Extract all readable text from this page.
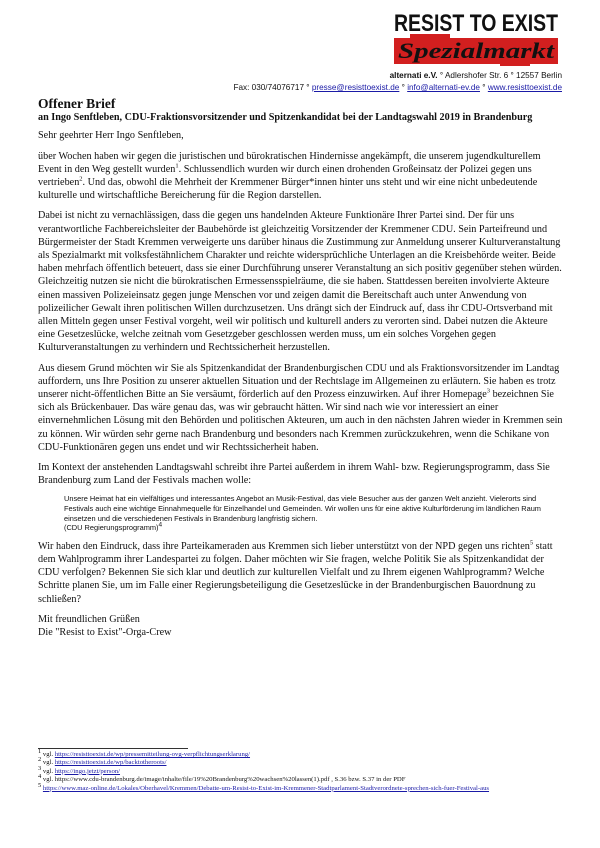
RESIST TO EXIST
Spezialmarkt
alternati e.V. ° Adlershofer Str. 6 ° 12557 Berlin
Fax: 030/74076717 ° presse@resisttoexist.de ° info@alternati-ev.de ° www.resisttoexist.de
Offener Brief
an Ingo Senftleben, CDU-Fraktionsvorsitzender und Spitzenkandidat bei der Landtagswahl 2019 in Brandenburg

Sehr geehrter Herr Ingo Senftleben,

über Wochen haben wir gegen die juristischen und bürokratischen Hindernisse angekämpft, die unserem jugendkulturellem Event in den Weg gestellt wurden$^1$. Schlussendlich wurden wir durch einen drohenden Großeinsatz der Polizei gegen uns vertrieben$^2$. Und das, obwohl die Mehrheit der Kremmener Bürger*innen hinter uns steht und wir eine nicht unbedeutende kulturelle und wirtschaftliche Bereicherung für die Region darstellen.

Dabei ist nicht zu vernachlässigen, dass die gegen uns handelnden Akteure Funktionäre Ihrer Partei sind. Der für uns verantwortliche Fachbereichsleiter der Baubehörde ist gleichzeitig Vorsitzender der Kremmener CDU. Sein Parteifreund und Bürgermeister der Stadt Kremmen verweigerte uns darüber hinaus die Zustimmung zur Anmeldung unserer Kulturveranstaltung als Spezialmarkt mit volksfestähnlichem Charakter und reichte widersprüchliche Unterlagen an die Kreisbehörde weiter. Beide haben mehrfach öffentlich beteuert, dass sie einer Durchführung unserer Veranstaltung an sich positiv gegenüber stehen würden. Gleichzeitig nutzen sie nicht die bürokratischen Ermessensspielräume, die sie haben. Stattdessen bereiten involvierte Akteure einen massiven Polizeieinsatz gegen junge Menschen vor und zeigen damit die Bereitschaft auch unter Anwendung von polizeilicher Gewalt ihren politischen Willen durchzusetzen. Uns drängt sich der Eindruck auf, dass ihr CDU-Ortsverband mit allen Mitteln gegen unser Festival vorgeht, weil wir politisch und kulturell anders zu verorten sind. Dabei nutzen die Akteure eine Gesetzeslücke, welche zeitnah vom Gesetzgeber geschlossen werden muss, um ein solches Vorgehen gegen Kulturveranstaltungen zu verhindern und Rechtssicherheit herzustellen.

Aus diesem Grund möchten wir Sie als Spitzenkandidat der Brandenburgischen CDU und als Fraktionsvorsitzender im Landtag auffordern, uns Ihre Position zu unserer aktuellen Situation und der Rechtslage im Allgemeinen zu erläutern. Sie haben es trotz unserer nicht-öffentlichen Bitte an Sie versäumt, förderlich auf den Prozess einzuwirken. Auf ihrer Homepage$^3$ bezeichnen Sie sich als Brückenbauer. Das wäre genau das, was wir gebraucht hätten. Wir sind nach wie vor interessiert an einer einvernehmlichen Lösung mit den Behörden und politischen Akteuren, um auch in den nächsten Jahren wieder in Kremmen sein zu können. Wir würden sehr gerne nach Brandenburg und besonders nach Kremmen zurückzukehren, wenn die Schikane von CDU-Funktionären gegen uns endet und wir Rechtssicherheit haben.

Im Kontext der anstehenden Landtagswahl schreibt ihre Partei außerdem in ihrem Wahl- bzw. Regierungsprogramm, dass Sie Brandenburg zum Land der Festivals machen wolle:

Unsere Heimat hat ein vielfältiges und interessantes Angebot an Musik-Festival, das viele Besucher aus der ganzen Welt anzieht. Vielerorts sind Festivals auch eine wichtige Einnahmequelle für Einzelhandel und Gemeinden. Wir wollen uns für eine aktive Kulturförderung im ländlichen Raum einsetzen und die verschiedenen Festivals in Brandenburg langfristig sichern.
(CDU Regierungsprogramm)$^4$

Wir haben den Eindruck, dass ihre Parteikameraden aus Kremmen sich lieber unterstützt von der NPD gegen uns richten$^5$ statt dem Wahlprogramm ihrer Landespartei zu folgen. Daher möchten wir Sie fragen, welche Politik Sie als Spitzenkandidat der CDU verfolgen? Bekennen Sie sich klar und deutlich zur kulturellen Vielfalt und zu Ihrem eigenen Wahlprogramm? Welche Schritte planen Sie, um im Falle einer Regierungsbeteiligung die Gesetzeslücke in der Brandenburgischen Bauordnung zu schließen?

Mit freundlichen Grüßen
Die "Resist to Exist"-Orga-Crew
$^1$ vgl. https://resisttoexist.de/wp/pressemitteilung-ovg-verpflichtungserklarung/
$^2$ vgl. https://resisttoexist.de/wp/backtotheroots/
$^3$ vgl. https://ingo.jetzt/person/
$^4$ vgl. https://www.cdu-brandenburg.de/image/inhalte/file/19%20Brandenburg%20wachsen%20lassen(1).pdf , S.36 bzw. S.37 in der PDF
$^5$ https://www.maz-online.de/Lokales/Oberhavel/Kremmen/Debatte-um-Resist-to-Exist-im-Kremmener-Stadtparlament-Stadtverordnete-sprechen-sich-fuer-Festival-aus
